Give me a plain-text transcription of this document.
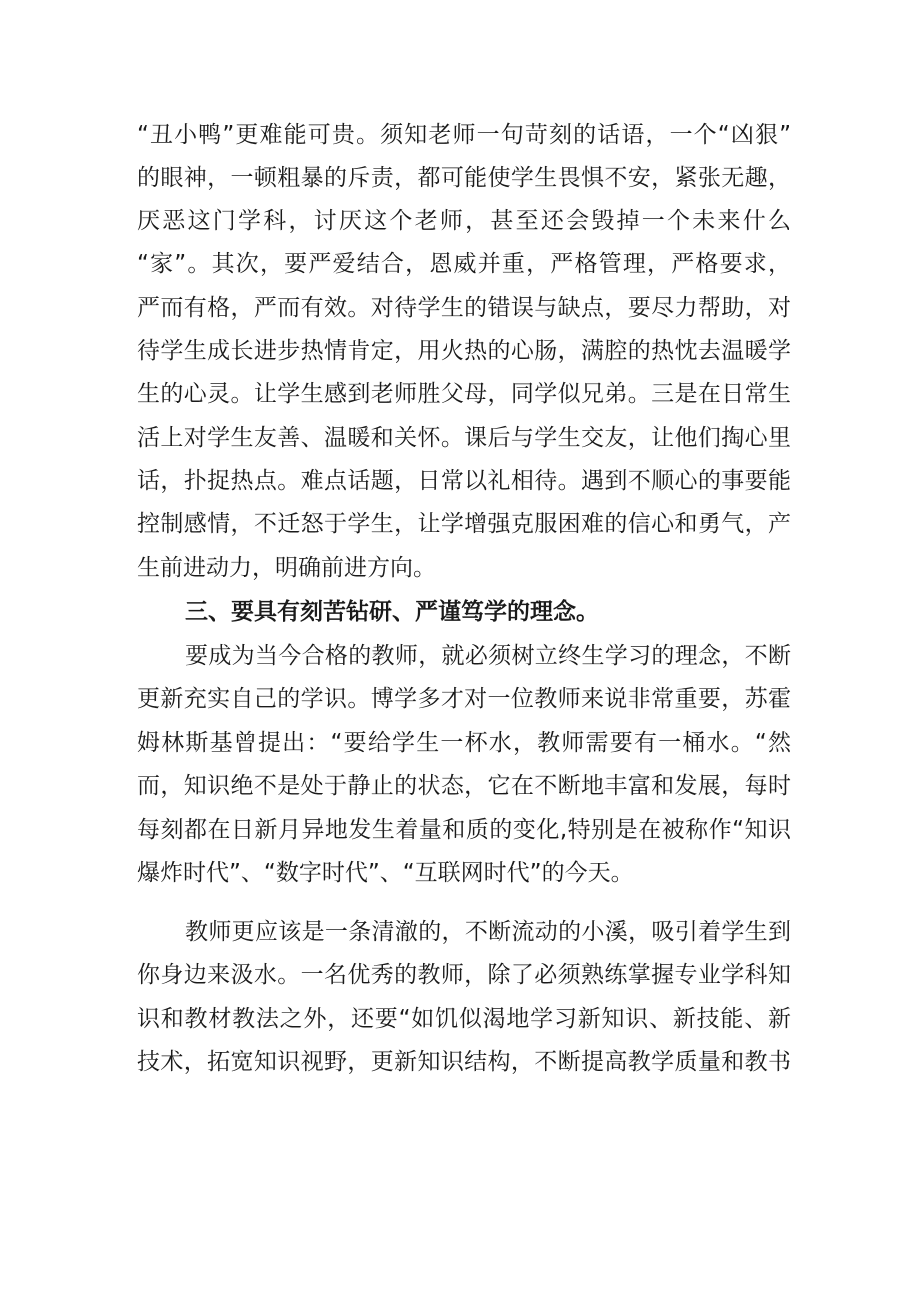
“丑小鸭”更难能可贵。须知老师一句苛刻的话语，一个“凶狠”
的眼神，一顿粗暴的斥责，都可能使学生畏惧不安，紧张无趣，
厌恶这门学科，讨厌这个老师，甚至还会毁掉一个未来什么
“家”。其次，要严爱结合，恩威并重，严格管理，严格要求，
严而有格，严而有效。对待学生的错误与缺点，要尽力帮助，对
待学生成长进步热情肯定，用火热的心肠，满腔的热忱去温暖学
生的心灵。让学生感到老师胜父母，同学似兄弟。三是在日常生
活上对学生友善、温暖和关怀。课后与学生交友，让他们掏心里
话，扑捉热点。难点话题，日常以礼相待。遇到不顺心的事要能
控制感情，不迁怒于学生，让学增强克服困难的信心和勇气，产
生前进动力，明确前进方向。
三、要具有刻苦钻研、严谨笃学的理念。
要成为当今合格的教师，就必须树立终生学习的理念，不断
更新充实自己的学识。博学多才对一位教师来说非常重要，苏霍
姆林斯基曾提出：“要给学生一杯水，教师需要有一桶水。“然
而，知识绝不是处于静止的状态，它在不断地丰富和发展，每时
每刻都在日新月异地发生着量和质的变化,特别是在被称作“知识
爆炸时代”、“数字时代”、“互联网时代”的今天。
教师更应该是一条清澈的，不断流动的小溪，吸引着学生到
你身边来汲水。一名优秀的教师，除了必须熟练掌握专业学科知
识和教材教法之外，还要“如饥似渴地学习新知识、新技能、新
技术，拓宽知识视野，更新知识结构，不断提高教学质量和教书
